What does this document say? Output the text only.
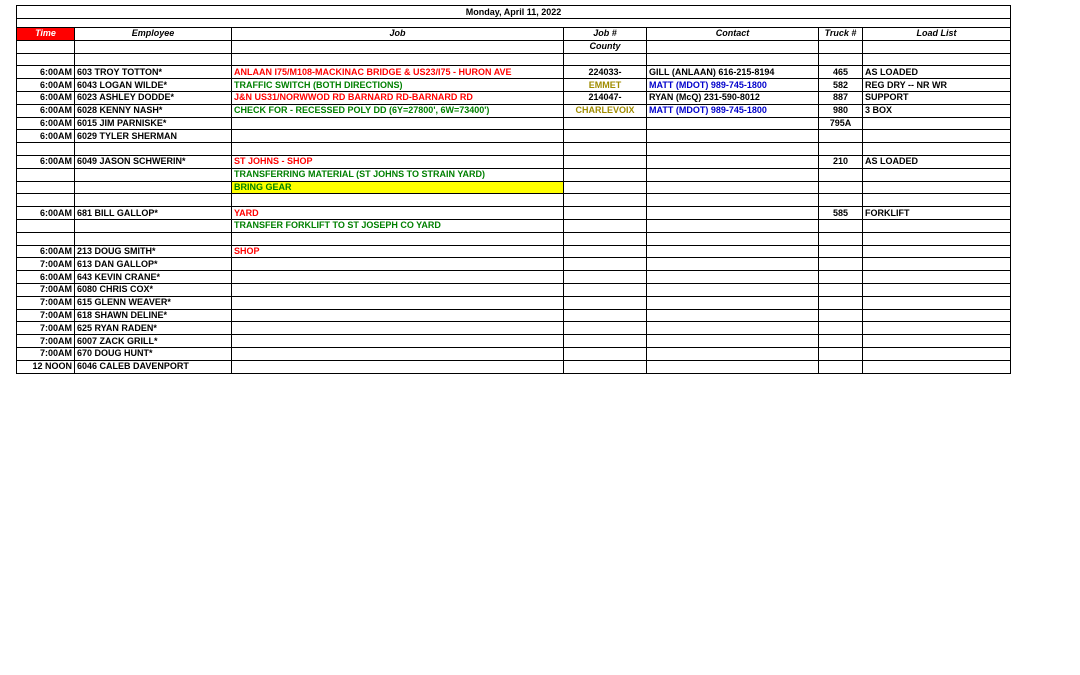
Monday, April 11, 2022						

Time	Employee	Job	Job #	Contact	Truck #	Load List
			County			

6:00AM	603 TROY TOTTON*	ANLAAN I75/M108-MACKINAC BRIDGE & US23/I75 - HURON AVE	224033-	GILL (ANLAAN) 616-215-8194	465	AS LOADED
6:00AM	6043 LOGAN WILDE*	TRAFFIC SWITCH (BOTH DIRECTIONS)	EMMET	MATT (MDOT) 989-745-1800	582	REG DRY -- NR WR
6:00AM	6023 ASHLEY DODDE*	J&N US31/NORWWOD RD BARNARD RD-BARNARD RD	214047-	RYAN (McQ) 231-590-8012	887	SUPPORT
6:00AM	6028 KENNY NASH*	CHECK FOR - RECESSED POLY DD (6Y=27800', 6W=73400')	CHARLEVOIX	MATT (MDOT) 989-745-1800	980	3 BOX
6:00AM	6015 JIM PARNISKE*				795A	
6:00AM	6029 TYLER SHERMAN					

6:00AM	6049 JASON SCHWERIN*	ST JOHNS - SHOP			210	AS LOADED
		TRANSFERRING MATERIAL (ST JOHNS TO STRAIN YARD)				
		BRING GEAR				

6:00AM	681 BILL GALLOP*	YARD			585	FORKLIFT
		TRANSFER FORKLIFT TO ST JOSEPH CO YARD				

6:00AM	213 DOUG SMITH*	SHOP				
7:00AM	613 DAN GALLOP*					
6:00AM	643 KEVIN CRANE*					
7:00AM	6080 CHRIS COX*					
7:00AM	615 GLENN WEAVER*					
7:00AM	618 SHAWN DELINE*					
7:00AM	625 RYAN RADEN*					
7:00AM	6007 ZACK GRILL*					
7:00AM	670 DOUG HUNT*					
12 NOON	6046 CALEB DAVENPORT					
